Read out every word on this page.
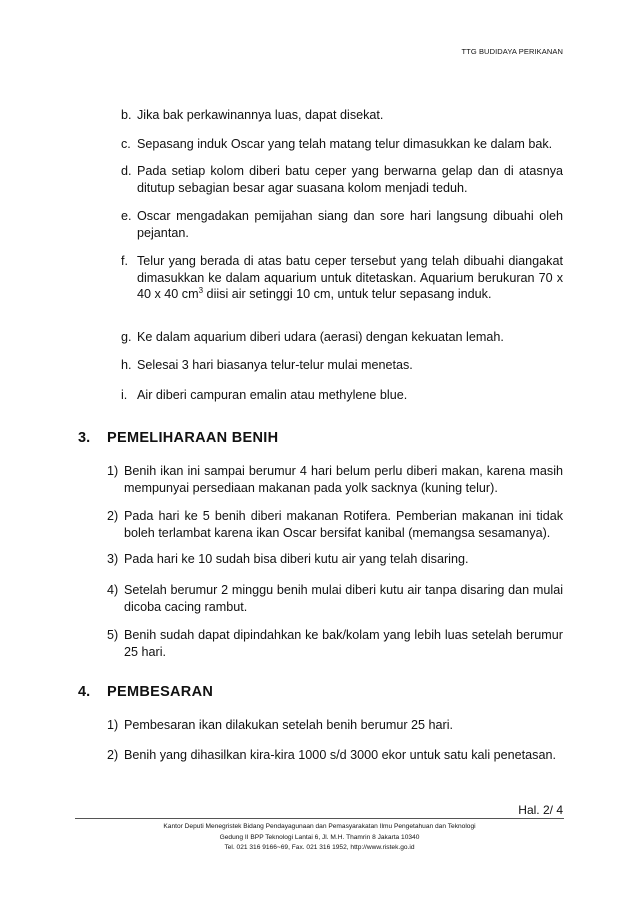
TTG BUDIDAYA PERIKANAN
b. Jika bak perkawinannya luas, dapat disekat.
c. Sepasang induk Oscar yang telah matang telur dimasukkan ke dalam bak.
d. Pada setiap kolom diberi batu ceper yang berwarna gelap dan di atasnya ditutup sebagian besar agar suasana kolom menjadi teduh.
e. Oscar mengadakan pemijahan siang dan sore hari langsung dibuahi oleh pejantan.
f. Telur yang berada di atas batu ceper tersebut yang telah dibuahi diangakat dimasukkan ke dalam aquarium untuk ditetaskan. Aquarium berukuran 70 x 40 x 40 $cm^3$ diisi air setinggi 10 cm, untuk telur sepasang induk.
g. Ke dalam aquarium diberi udara (aerasi) dengan kekuatan lemah.
h. Selesai 3 hari biasanya telur-telur mulai menetas.
i. Air diberi campuran emalin atau methylene blue.
3. PEMELIHARAAN BENIH
1) Benih ikan ini sampai berumur 4 hari belum perlu diberi makan, karena masih mempunyai persediaan makanan pada yolk sacknya (kuning telur).
2) Pada hari ke 5 benih diberi makanan Rotifera. Pemberian makanan ini tidak boleh terlambat karena ikan Oscar bersifat kanibal (memangsa sesamanya).
3) Pada hari ke 10 sudah bisa diberi kutu air yang telah disaring.
4) Setelah berumur 2 minggu benih mulai diberi kutu air tanpa disaring dan mulai dicoba cacing rambut.
5) Benih sudah dapat dipindahkan ke bak/kolam yang lebih luas setelah berumur 25 hari.
4. PEMBESARAN
1) Pembesaran ikan dilakukan setelah benih berumur 25 hari.
2) Benih yang dihasilkan kira-kira 1000 s/d 3000 ekor untuk satu kali penetasan.
Hal. 2/ 4
Kantor Deputi Menegristek Bidang Pendayagunaan dan Pemasyarakatan Ilmu Pengetahuan dan Teknologi
Gedung II BPP Teknologi Lantai 6, Jl. M.H. Thamrin 8 Jakarta 10340
Tel. 021 316 9166~69, Fax. 021 316 1952, http://www.ristek.go.id
